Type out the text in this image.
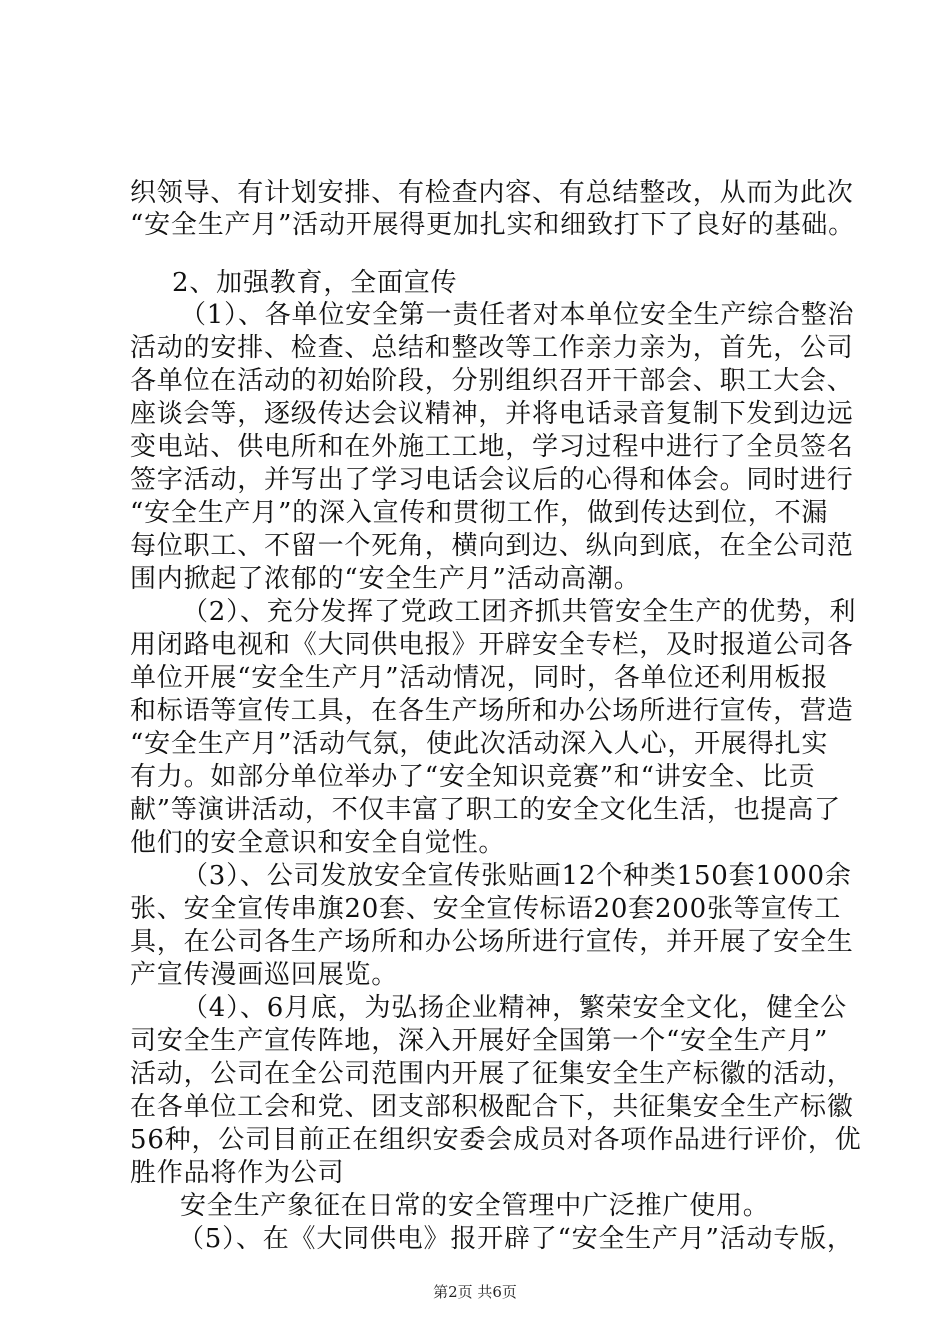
织领导、有计划安排、有检查内容、有总结整改，从而为此次

“安全生产月”活动开展得更加扎实和细致打下了良好的基础。

2、加强教育，全面宣传

（1）、各单位安全第一责任者对本单位安全生产综合整治

活动的安排、检查、总结和整改等工作亲力亲为，首先，公司

各单位在活动的初始阶段，分别组织召开干部会、职工大会、

座谈会等，逐级传达会议精神，并将电话录音复制下发到边远

变电站、供电所和在外施工工地，学习过程中进行了全员签名

签字活动，并写出了学习电话会议后的心得和体会。同时进行

“安全生产月”的深入宣传和贯彻工作，做到传达到位，不漏

每位职工、不留一个死角，横向到边、纵向到底，在全公司范

围内掀起了浓郁的“安全生产月”活动高潮。

（2）、充分发挥了党政工团齐抓共管安全生产的优势，利

用闭路电视和《大同供电报》开辟安全专栏，及时报道公司各

单位开展“安全生产月”活动情况，同时，各单位还利用板报

和标语等宣传工具，在各生产场所和办公场所进行宣传，营造

“安全生产月”活动气氛，使此次活动深入人心，开展得扎实

有力。如部分单位举办了“安全知识竞赛”和“讲安全、比贡

献”等演讲活动，不仅丰富了职工的安全文化生活，也提高了

他们的安全意识和安全自觉性。

（3）、公司发放安全宣传张贴画12个种类150套1000余

张、安全宣传串旗20套、安全宣传标语20套200张等宣传工

具，在公司各生产场所和办公场所进行宣传，并开展了安全生

产宣传漫画巡回展览。

（4）、6月底，为弘扬企业精神，繁荣安全文化，健全公

司安全生产宣传阵地，深入开展好全国第一个“安全生产月”

活动，公司在全公司范围内开展了征集安全生产标徽的活动，

在各单位工会和党、团支部积极配合下，共征集安全生产标徽

56种，公司目前正在组织安委会成员对各项作品进行评价，优

胜作品将作为公司

安全生产象征在日常的安全管理中广泛推广使用。

（5）、在《大同供电》报开辟了“安全生产月”活动专版，

第2页 共6页
